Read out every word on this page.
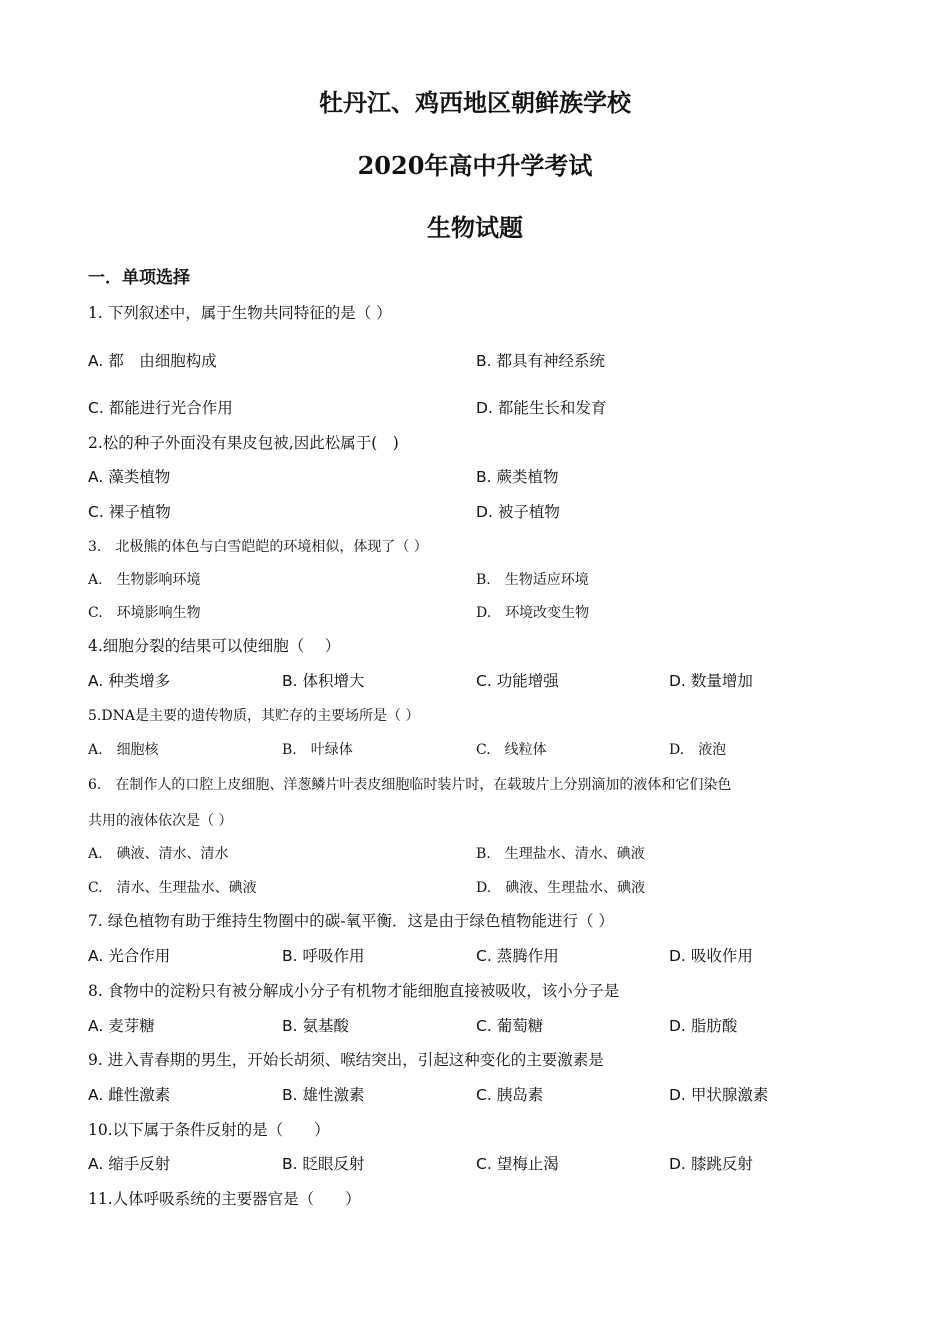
牡丹江、鸡西地区朝鲜族学校
2020年高中升学考试
生物试题
一．单项选择
1. 下列叙述中，属于生物共同特征的是（ ）
A. 都　由细胞构成	B. 都具有神经系统
C. 都能进行光合作用	D. 都能生长和发育
2.松的种子外面没有果皮包被,因此松属于(　)
A. 藻类植物	B. 蕨类植物
C. 裸子植物	D. 被子植物
3.　北极熊的体色与白雪皑皑的环境相似，体现了（ ）
A.　 生物影响环境	B.　 生物适应环境
C.　 环境影响生物	D.　 环境改变生物
4.细胞分裂的结果可以使细胞（　 ）
A. 种类增多	B. 体积增大	C. 功能增强	D. 数量增加
5.DNA是主要的遗传物质，其贮存的主要场所是（ ）
A.　 细胞核	B.　 叶绿体	C.　 线粒体	D.　 液泡
6.　在制作人的口腔上皮细胞、洋葱鳞片叶表皮细胞临时装片时，在载玻片上分别滴加的液体和它们染色
共用的液体依次是（ ）
A.　 碘液、清水、清水	B.　 生理盐水、清水、碘液
C.　 清水、生理盐水、碘液	D.　 碘液、生理盐水、碘液
7. 绿色植物有助于维持生物圈中的碳-氧平衡．这是由于绿色植物能进行（ ）
A. 光合作用	B. 呼吸作用	C. 蒸腾作用	D. 吸收作用
8. 食物中的淀粉只有被分解成小分子有机物才能细胞直接被吸收，该小分子是
A. 麦芽糖	B. 氨基酸	C. 葡萄糖	D. 脂肪酸
9. 进入青春期的男生，开始长胡须、喉结突出，引起这种变化的主要激素是
A. 雌性激素	B. 雄性激素	C. 胰岛素	D. 甲状腺激素
10.以下属于条件反射的是（　　）
A. 缩手反射	B. 眨眼反射	C. 望梅止渴	D. 膝跳反射
11.人体呼吸系统的主要器官是（　　）
